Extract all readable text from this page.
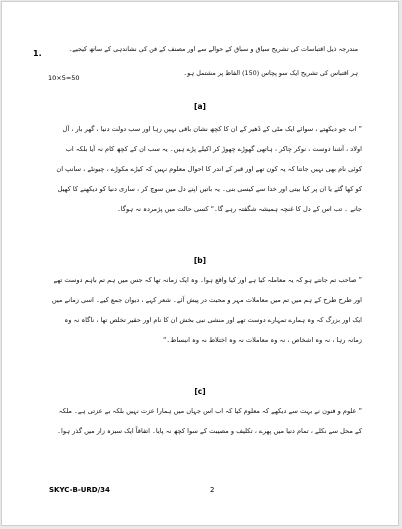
1.	مندرجہ ذیل اقتباسات کی تشریح سیاق و سباق کے حوالے سے اور مصنف کے فن کی نشاندہی کے ساتھ کیجیے۔
ہر اقتباس کی تشریح ایک سو پچاس (150) الفاظ پر مشتمل ہو۔
10×5=50
[a]
” اب جو دیکھتے ، سوائے ایک مٹی کے ڈھیر کے ان کا کچھ نشان باقی نہیں رہا اور سب دولت دنیا ، گھر بار ، آل
اولاد ، آشنا دوست ، نوکر چاکر ، ہاتھی گھوڑے چھوڑ کر اکیلے پڑے ہیں۔ یہ سب ان کے کچھ کام نہ آیا بلکہ اب
کوئی نام بھی نہیں جانتا کہ یہ کون تھے اور قبر کے اندر کا احوال معلوم نہیں کہ کیڑے مکوڑے ، چیونٹے ، سانپ ان
کو کھا گئے یا ان پر کیا بیتی اور خدا سے کیسی بنی۔ یہ باتیں اپنے دل میں سوچ کر ، ساری دنیا کو دیکھنے کا کھیل
جانے ۔ تب اس کے دل کا غنچہ ہمیشہ شگفتہ رہے گا۔“ کسی حالت میں پژمردہ نہ ہوگا۔
[b]
” صاحب تم جانتے ہو کہ یہ معاملہ کیا ہے اور کیا واقع ہوا۔ وہ ایک زمانہ تھا کہ جس میں ہم تم باہم دوست تھے
اور طرح طرح کے ہم میں تم میں معاملات مہر و محبت در پیش آئے۔ شعر کہے ، دیوان جمع کیے۔ اسی زمانے میں
ایک اور بزرگ کہ وہ ہمارے تمہارے دوست تھے اور منشی نبی بخش ان کا نام اور حقیر تخلص تھا ، ناگاہ نہ وہ
زمانہ رہا ، نہ وہ اشخاص ، نہ وہ معاملات نہ وہ اختلاط نہ وہ انبساط۔“
[c]
” علوم و فنون نے بہت سے دیکھے کہ معلوم کیا کہ اب اس جہاں میں ہمارا عزت نہیں بلکہ بے عزتی ہے۔ ملکہ
کے محل سے نکلے ، تمام دنیا میں پھرے ، تکلیف و مصیبت کے سوا کچھ نہ پایا۔ اتفاقاً ایک سبزہ زار میں گذر ہوا۔
SKYC-B-URD/34	2
